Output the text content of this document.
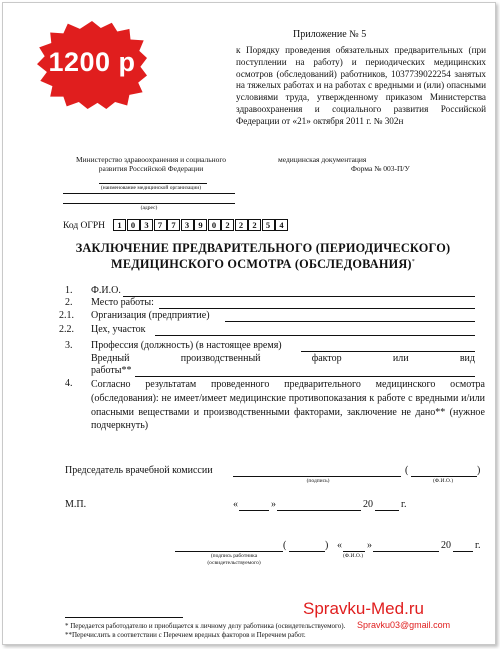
1200 р
Приложение № 5
к Порядку проведения обязательных предварительных (при поступлении на работу) и периодических медицинских осмотров (обследований) работников, 1037739022254 занятых на тяжелых работах и на работах с вредными и (или) опасными условиями труда, утвержденному приказом Министерства здравоохранения и социального развития Российской Федерации от «21» октября 2011 г. № 302н
Министерство здравоохранения и социального развития Российской Федерации
(наименование медицинской организации)
(адрес)
медицинская документация
Форма № 003-П/У
Код ОГРН	1	0	3	7	7	3	9	0	2	2	2	5	4
ЗАКЛЮЧЕНИЕ ПРЕДВАРИТЕЛЬНОГО (ПЕРИОДИЧЕСКОГО)
МЕДИЦИНСКОГО ОСМОТРА (ОБСЛЕДОВАНИЯ)*
1. Ф.И.О.
2. Место работы:
2.1. Организация (предприятие)
2.2. Цех, участок
3. Профессия (должность) (в настоящее время)
Вредный	производственный	фактор	или	вид
работы**
4. Согласно результатам проведенного предварительного медицинского осмотра (обследования): не имеет/имеет медицинские противопоказания к работе с вредными и/или опасными веществами и производственными факторами, заключение не дано** (нужное подчеркнуть)
Председатель врачебной комиссии	(	)
(подпись)	(Ф.И.О.)
М.П.	«	»	20	г.
(	) «	»	20 г.
(подпись работника (освидетельствуемого)
(Ф.И.О.)
Spravku-Med.ru
Spravku03@gmail.com
* Передается работодателю и приобщается к личному делу работника (освидетельствуемого).
**Перечислить в соответствии с Перечнем вредных факторов и Перечнем работ.
